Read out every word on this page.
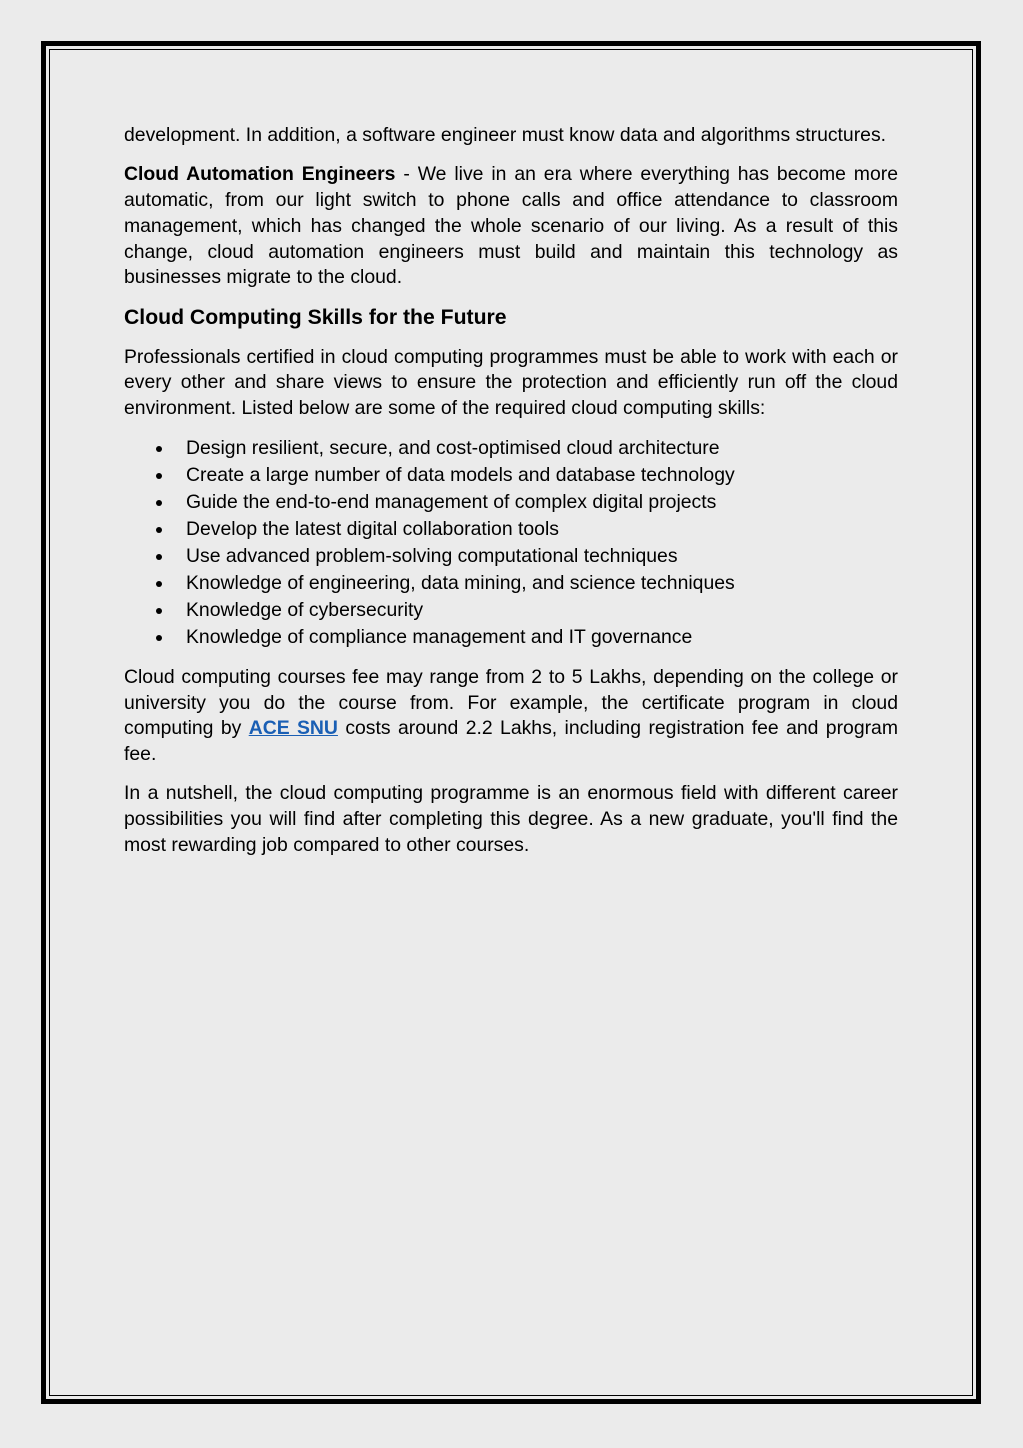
development. In addition, a software engineer must know data and algorithms structures.

Cloud Automation Engineers - We live in an era where everything has become more automatic, from our light switch to phone calls and office attendance to classroom management, which has changed the whole scenario of our living. As a result of this change, cloud automation engineers must build and maintain this technology as businesses migrate to the cloud.

Cloud Computing Skills for the Future

Professionals certified in cloud computing programmes must be able to work with each or every other and share views to ensure the protection and efficiently run off the cloud environment. Listed below are some of the required cloud computing skills:

Design resilient, secure, and cost-optimised cloud architecture
Create a large number of data models and database technology
Guide the end-to-end management of complex digital projects
Develop the latest digital collaboration tools
Use advanced problem-solving computational techniques
Knowledge of engineering, data mining, and science techniques
Knowledge of cybersecurity
Knowledge of compliance management and IT governance

Cloud computing courses fee may range from 2 to 5 Lakhs, depending on the college or university you do the course from. For example, the certificate program in cloud computing by ACE SNU costs around 2.2 Lakhs, including registration fee and program fee.

In a nutshell, the cloud computing programme is an enormous field with different career possibilities you will find after completing this degree. As a new graduate, you'll find the most rewarding job compared to other courses.
